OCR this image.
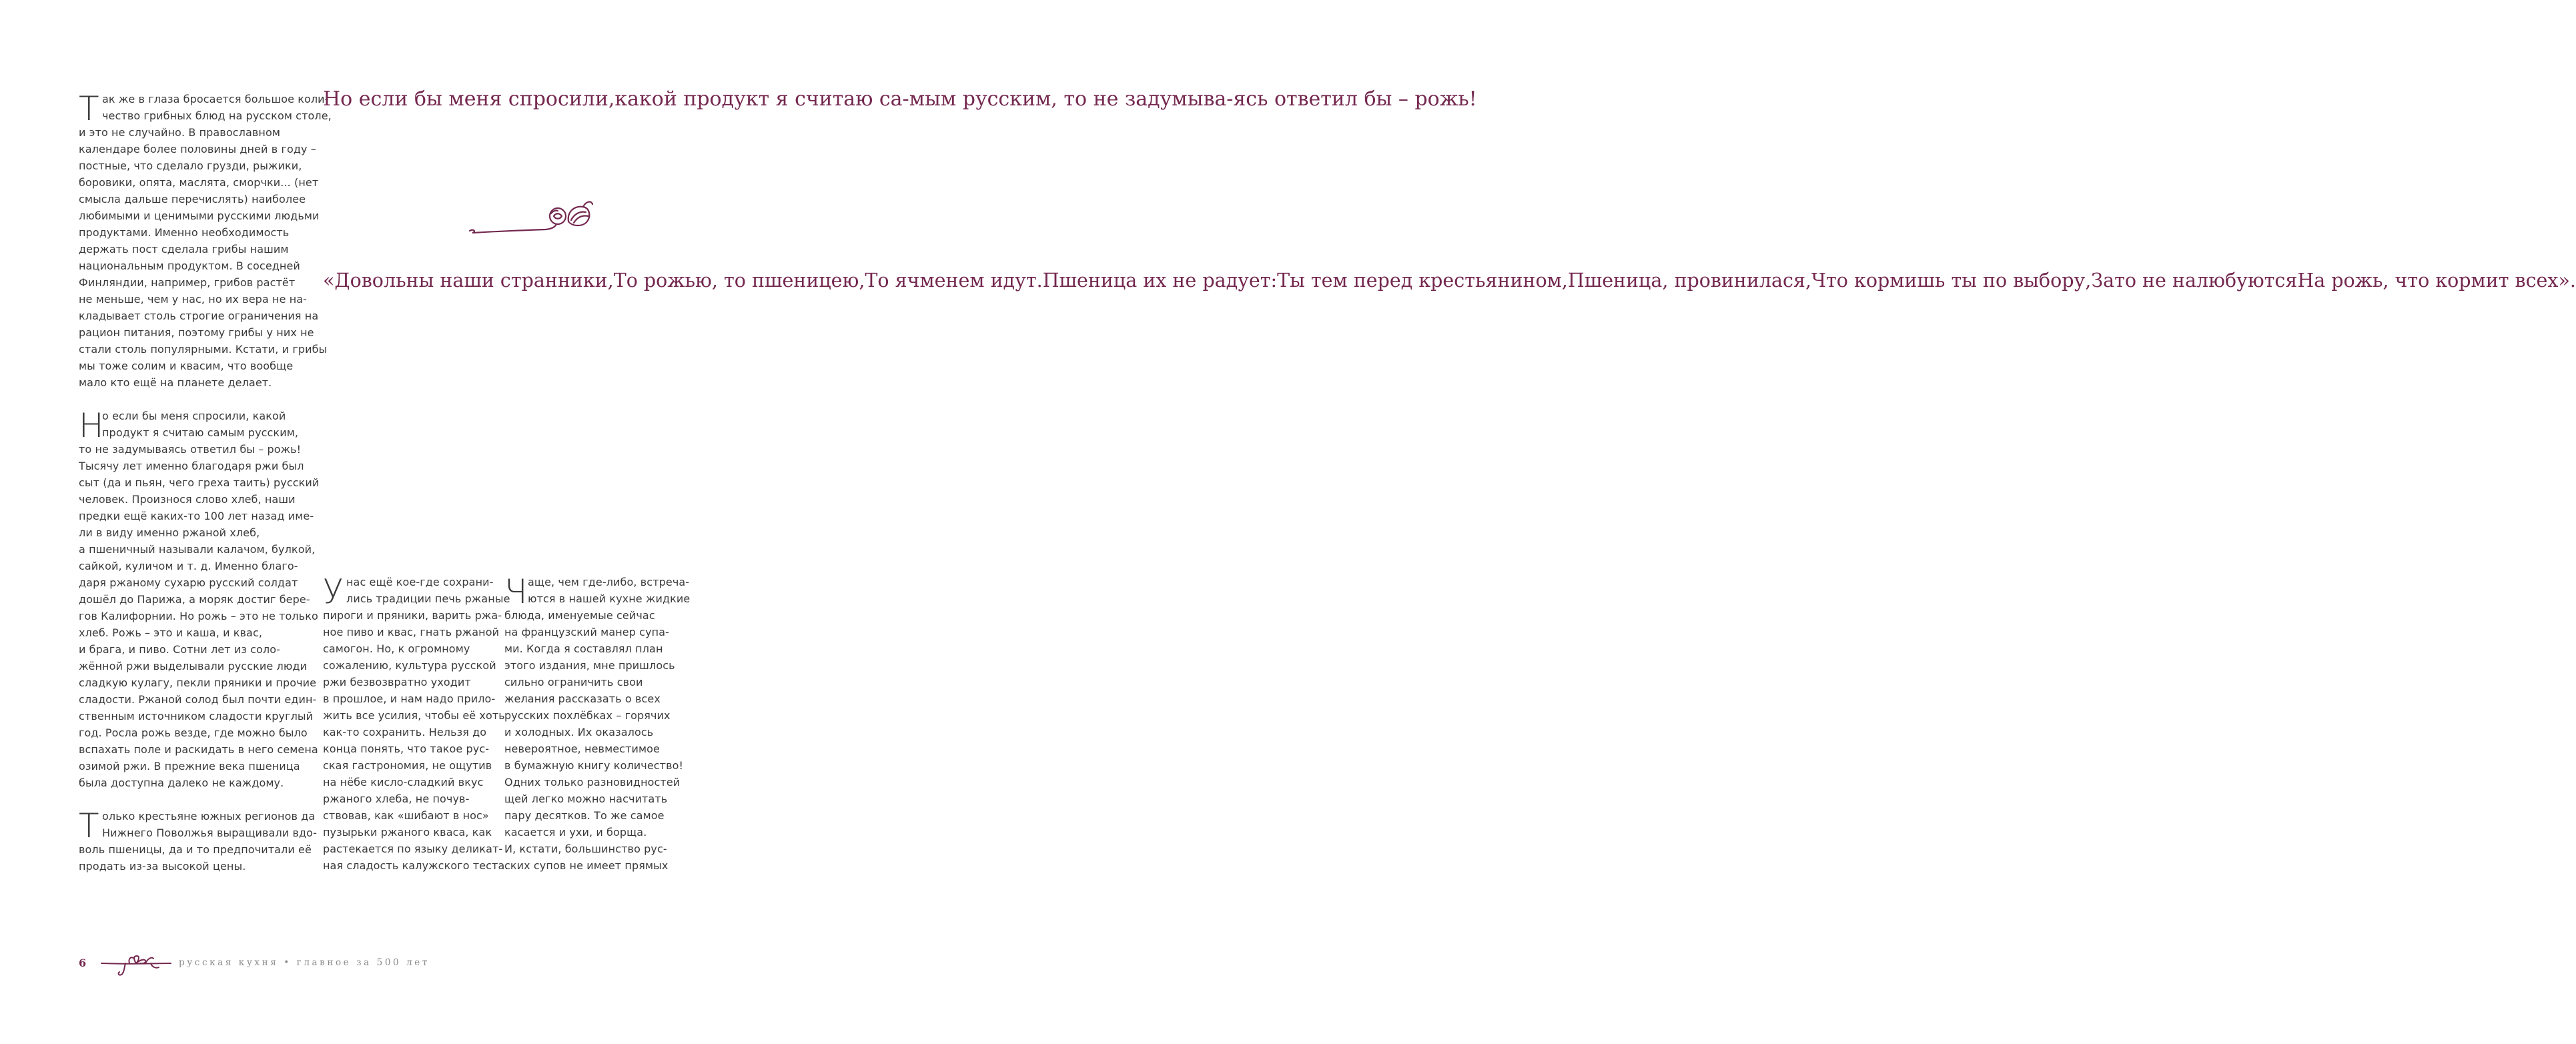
Т ак же в глаза бросается большое коли-
чество грибных блюд на русском столе,
и это не случайно. В православном
календаре более половины дней в году –
постные, что сделало грузди, рыжики,
боровики, опята, маслята, сморчки... (нет
смысла дальше перечислять) наиболее
любимыми и ценимыми русскими людьми
продуктами. Именно необходимость
держать пост сделала грибы нашим
национальным продуктом. В соседней
Финляндии, например, грибов растёт
не меньше, чем у нас, но их вера не на-
кладывает столь строгие ограничения на
рацион питания, поэтому грибы у них не
стали столь популярными. Кстати, и грибы
мы тоже солим и квасим, что вообще
мало кто ещё на планете делает.

Н
о если бы меня спросили, какой
продукт я считаю самым русским,
то не задумываясь ответил бы – рожь!
Тысячу лет именно благодаря ржи был
сыт (да и пьян, чего греха таить) русский
человек. Произнося слово хлеб, наши
предки ещё каких-то 100 лет назад име-
ли в виду именно ржаной хлеб,
а пшеничный называли калачом, булкой,
сайкой, куличом и т. д. Именно благо-
даря ржаному сухарю русский солдат
дошёл до Парижа, а моряк достиг бере-
гов Калифорнии. Но рожь – это не только
хлеб. Рожь – это и каша, и квас,
и брага, и пиво. Сотни лет из соло-
жённой ржи выделывали русские люди
сладкую кулагу, пекли пряники и прочие
сладости. Ржаной солод был почти един-
ственным источником сладости круглый
год. Росла рожь везде, где можно было
вспахать поле и раскидать в него семена
озимой ржи. В прежние века пшеница
была доступна далеко не каждому.

Т олько крестьяне южных регионов да
Нижнего Поволжья выращивали вдо-
воль пшеницы, да и то предпочитали её
продать из-за высокой цены.

Но если бы меня спросили,какой продукт я считаю са-мым русским, то не задумыва-ясь ответил бы – рожь!
«Довольны наши странники,То рожью, то пшеницею,То ячменем идут.Пшеница их не радует:Ты тем перед крестьянином,Пшеница, провинилася,Что кормишь ты по выбору,Зато не налюбуютсяНа рожь, что кормит всех».

У нас ещё кое-где сохрани-
лись традиции печь ржаные
пироги и пряники, варить ржа-
ное пиво и квас, гнать ржаной
самогон. Но, к огромному
сожалению, культура русской
ржи безвозвратно уходит
в прошлое, и нам надо прило-
жить все усилия, чтобы её хоть
как-то сохранить. Нельзя до
конца понять, что такое рус-
ская гастрономия, не ощутив
на нёбе кисло-сладкий вкус
ржаного хлеба, не почув-
ствовав, как «шибают в нос»
пузырьки ржаного кваса, как
растекается по языку деликат-
ная сладость калужского теста.

Ч аще, чем где-либо, встреча-
ются в нашей кухне жидкие
блюда, именуемые сейчас
на французский манер супа-
ми. Когда я составлял план
этого издания, мне пришлось
сильно ограничить свои
желания рассказать о всех
русских похлёбках – горячих
и холодных. Их оказалось
невероятное, невместимое
в бумажную книгу количество!
Одних только разновидностей
щей легко можно насчитать
пару десятков. То же самое
касается и ухи, и борща.
И, кстати, большинство рус-
ских супов не имеет прямых

6	русская кухня • главное за 500 лет
